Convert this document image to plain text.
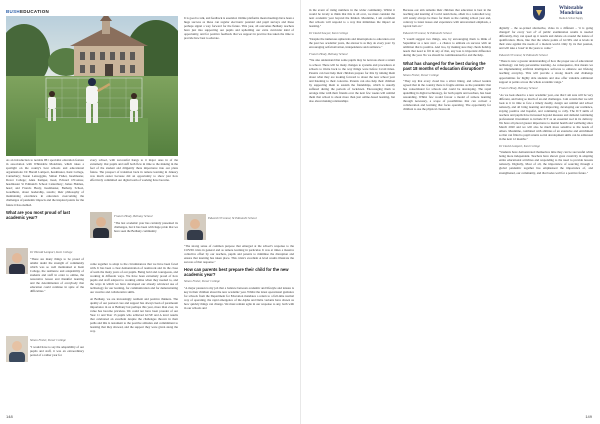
BUSHEDUCATION

As an introduction to notable IB1 specialist education feature in association with Whitstable Mondrian, which takes a spotlight on the county's best schools and educational organisations: Dr Harald Lamport, headmaster, Kent College, Canterbury; Susan Leiweggins, Simon Fisher, headmaster, Dover College; Anna Kemper, head, Edward O'Connor, headmaster St Edmund's School Canterbury; James Holmes, head; and Francis Healy, headmaster, Bethany School, Goudhurst, about leadership, results; their philosophy of maintaining excellence in education overcoming the challenges of pandemic impacts and the inspired points for the future it has enabled.

What are you most proud of last academic year?

Dr Harald Lamport, Kent College

"There are many things to be proud of amidst doubt the strength of community which was so well maintained at Kent College, the resilience and adaptability of students and staff in order to online, the restorative lesson and thankful learning and the determination of everybody that education could continue in spite of the difficulties."

Simon Fisher, Dover College

"I would have to say the adaptability of our pupils and staff, it was an extraordinary period of a rather year for

every school, with successful hangs to it major ones in of the extremely. Our pupils and staff both flew in time to the making in the feel of the student and diligently there importance into our plans future. The prospect of transition back in remote learning in January was much easier because did an opportunity to show just how effectively committed our digital team of working have become.

Francis Healy, Bethany School

"The last academic year has certainly presented its challenges, but it has been with huge pride that we have seen the Bethany community

come together to adapt to the circumstances that we have been faced with. It has been a clear demonstration of teamwork and its the close of team the many years of our pupils. Being bold and courageous, and working in different ways. We have been extremely proud of how pupils and staff adapted to working online when they needed to, and the ways in which we have developed our already advanced use of technology for our learning, for communication and for demonstrating our creative and collaborative skills.

At Bethany, we are increasingly resilient and positive thinkers. The quality of our pastoral care and support has always been of paramount importance in us at Bethany but perhaps this year, more than ever, its value has become priceless. We could not have been prouder of our Year 11 and Year 13 pupils who achieved GCSE and A level results that celebrated an excellent despite the challenges thrown in their paths and this is testament to the positive attitudes and commitment to learning that they showed, and the support they were given along the way.

It is good to talk, and feedback is essential. Online platforms mean meetings have been a huge success as these can regular electronic parental and pupil surveys and these perhaps signal a way forward for the future. This year, all outcomes Bethany teachers have just into supporting our pupils and upholding our extra curricular kind of opportunity, and for positive feedback that we support in practice has taken the time to provide how best to educate.

Edward O'Connor, St Edmund's School

"The strong sense of common purpose that emerged at the school's response to the COVID crisis in general and as remote learning in particular. It was at times a massive collective effort by our teachers, pupils and parents to minimise the disruption and ensure that learning has taken place. This crisis's excellent A level results illustrate the success of that response."

How can parents best prepare their child for the new academic year?

Simon Fisher, Dover College

"A major passion is my job that a balance between academic and lifestyle and leisure is key in their children about the new academic year. Whilst the latest operational guidance for schools from the Department for Education mandates a return to a full-time normal way of operating, the rapid emergence of the Alpha and Delta variants have shown us how quickly things can change. We must remain agile in our response to any, both with in our schools and

148
Whitstable
Mondrian
Media & School Supply

in the event of rising numbers in the wider community. Whilst it would be lovely to think that this is all over, we must consider the next academic year beyond the limited. Meantime, I am confident that schools will respond to a way that minimises the impact on learning."

Dr David Sawyer, Kent College

"Despite the numerous upheavals and interruptions to education over the past two academic years, the answer is as they do every year: by encouraging self-motivation, independence and resilience."

Francis Healy, Bethany School

"We also understand that some pupils may be nervous about a return to school. There will be many changes to systems and procedures at schools to invite back to the way things were before Covid times. Parents can best help their children prepare for this by talking them about what they are looking forward to about the new school year and listening to their concerns. Parents can also help their children by supporting them to sustain the friendships, which is usually suffered during the periods of lockdown. Encouraging them to arrange time with their friends over the next few weeks will remind them that school is about more than just online-based learning, but also about making relationships

Because our aim remains their children that education is best in the teaching and learning of Covid restrictions, albeit in a controlled way, will surely always be there for them as the coming school year and, contrary to latest issues and experience with unwarranted emphasis, a topical belt on."

Edward O'Connor, St Edmund's School

"I would suggest two things, one, by encouraging them to think of September as a new start – a chance to embark on success with an ambition that is positive. And two, by making sure they check holiday needs that need to fill in any of that, any loss is important difference during the year. No we should be commissioned for and the help.

What has changed for the best during the past 18 months of education disruption?

Simon Fisher, Dover College

"They say that every cloud has a silver lining, and school leaders agreed that in the country there is fragile entities as the pandemic that has consolidated for schools and could be developing. The rapid upskilling in digital technology, for both pupils and teachers, has been astounding. Whilst few would favour a model of remote learning through necessary, a scope of possibilities that can convert a collaboration and learning that focus operating. The opportunity for children to use the physical classroom

digitally – the so-prized alternative, video in a different – 'it is going changed' for every 'sort of' of public examination results is needed differently, they can speed up it results and debate on around the nature of qualification. More, like that the whole points of GCSEs and A levels in their state against the needs of a modern world. Only by its that passion, and will take a 'reset' in the years to come."

Edward O'Connor, St Edmund's School

"There is now a greater understanding of how the proper use of educational technology can help personalise learning. As consequence, that means we are implementing artificial intelligence software to enhance our lifelong teaching everyday. This will provide a strong match and challenge opportunities for highly able students and also offer valuable additional support at points across the whole academic range."

Francis Healy, Bethany School

"As we look ahead to a new academic year, one that I am sure will be very different, and being so much of an end challenges. I am certain that we will look to it in time to face a timely deadly, design our remind and school remotely, and all bring learning and improving, developing our resilience, staying positive and hopeful, and continuing to rally. The ICT skills of teachers and pupils have increased beyond measure and demand continuing professional investment to include ICT as an essential tool in its delivery. We have all placed greater importance to mental health and wellbeing since March 2020 and we will also be much more sensitive to the needs of others. Meantime, combined with abilities of an extensive and enrichment so that can filled to pupil returns social development skills can be addressed in the next 12 months."

Dr David Lamport, Kent College

"Students have demonstrated themselves time they can be successful while being more independent. Teachers have shown great creativity in adapting entire educational activities and responding to the need to provide lessons remotely. Digitally, Most of all, the importance of sourcing through a global pandemic together has emphasised the importance of, and strengthened, our community, and that bodes well for a positive future."

149
